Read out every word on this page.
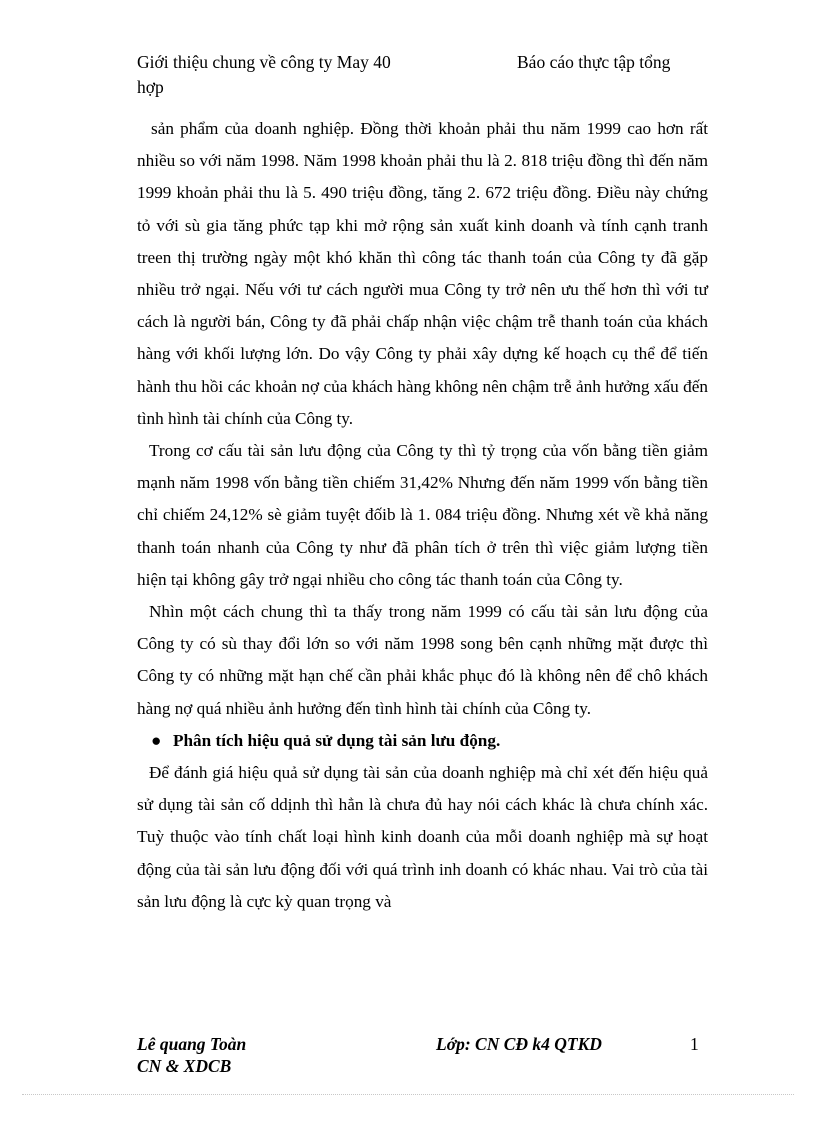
Giới thiệu chung về công ty May 40	Báo cáo thực tập tổng
hợp

sản phẩm của doanh nghiệp. Đồng thời khoản phải thu năm 1999 cao hơn rất nhiều so với năm 1998. Năm 1998 khoản phải thu là 2. 818 triệu đồng thì đến năm 1999 khoản phải thu là 5. 490 triệu đồng, tăng 2. 672 triệu đồng. Điều này chứng tỏ với sù gia tăng phức tạp khi mở rộng sản xuất kinh doanh và tính cạnh tranh treen thị trường ngày một khó khăn thì công tác thanh toán của Công ty đã gặp nhiều trở ngại. Nếu với tư cách người mua Công ty trở nên ưu thế hơn thì với tư cách là người bán, Công ty đã phải chấp nhận việc chậm trễ thanh toán của khách hàng với khối lượng lớn. Do vậy Công ty phải xây dựng kế hoạch cụ thể để tiến hành thu hồi các khoản nợ của khách hàng không nên chậm trễ ảnh hưởng xấu đến tình hình tài chính của Công ty.

Trong cơ cấu tài sản lưu động của Công ty thì tỷ trọng của vốn bằng tiền giảm mạnh năm 1998 vốn bằng tiền chiếm 31,42% Nhưng đến năm 1999 vốn bằng tiền chỉ chiếm 24,12% sè giảm tuyệt đốib là 1. 084 triệu đồng. Nhưng xét về khả năng thanh toán nhanh của Công ty như đã phân tích ở trên thì việc giảm lượng tiền hiện tại không gây trở ngại nhiều cho công tác thanh toán của Công ty.

Nhìn một cách chung thì ta thấy trong năm 1999 có cấu tài sản lưu động của Công ty có sù thay đổi lớn so với năm 1998 song bên cạnh những mặt được thì Công ty có những mặt hạn chế cần phải khắc phục đó là không nên để chô khách hàng nợ quá nhiều ảnh hưởng đến tình hình tài chính của Công ty.

● Phân tích hiệu quả sử dụng tài sản lưu động.

Để đánh giá hiệu quả sử dụng tài sản của doanh nghiệp mà chỉ xét đến hiệu quả sử dụng tài sản cố ddịnh thì hẳn là chưa đủ hay nói cách khác là chưa chính xác. Tuỳ thuộc vào tính chất loại hình kinh doanh của mỗi doanh nghiệp mà sự hoạt động của tài sản lưu động đối với quá trình inh doanh có khác nhau. Vai trò của tài sản lưu động là cực kỳ quan trọng và

Lê quang Toàn
CN & XDCB
Lớp: CN CĐ k4 QTKD	1
